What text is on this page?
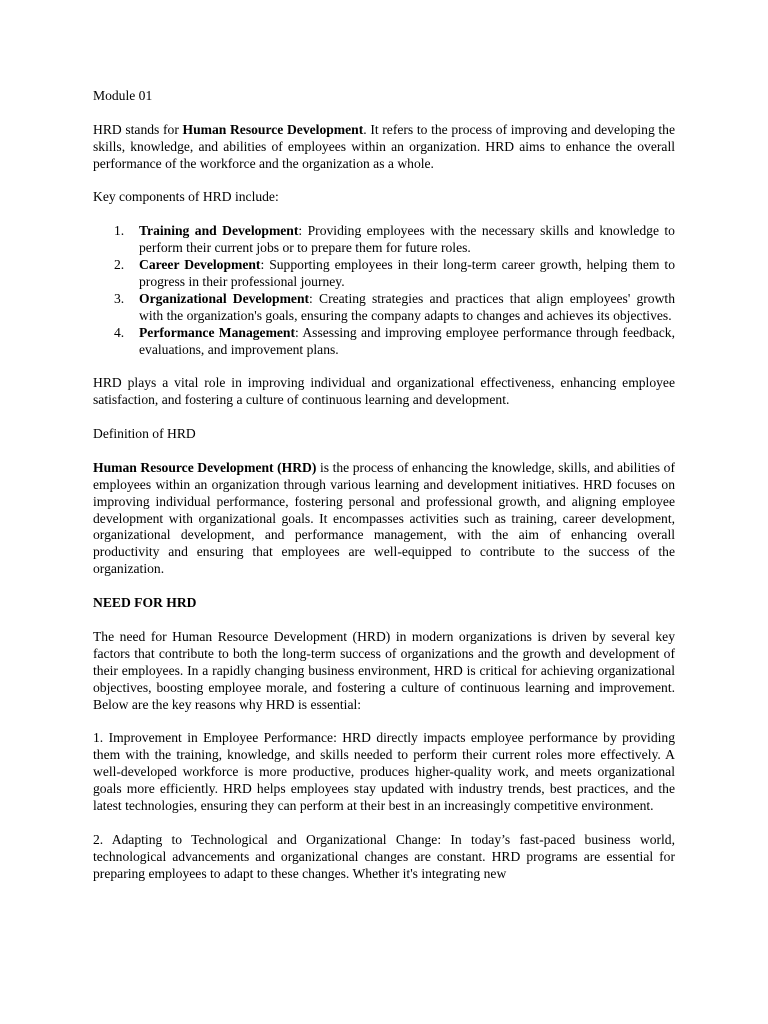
Module 01

HRD stands for Human Resource Development. It refers to the process of improving and developing the skills, knowledge, and abilities of employees within an organization. HRD aims to enhance the overall performance of the workforce and the organization as a whole.

Key components of HRD include:

1. Training and Development: Providing employees with the necessary skills and knowledge to perform their current jobs or to prepare them for future roles.
2. Career Development: Supporting employees in their long-term career growth, helping them to progress in their professional journey.
3. Organizational Development: Creating strategies and practices that align employees' growth with the organization's goals, ensuring the company adapts to changes and achieves its objectives.
4. Performance Management: Assessing and improving employee performance through feedback, evaluations, and improvement plans.

HRD plays a vital role in improving individual and organizational effectiveness, enhancing employee satisfaction, and fostering a culture of continuous learning and development.

Definition of HRD

Human Resource Development (HRD) is the process of enhancing the knowledge, skills, and abilities of employees within an organization through various learning and development initiatives. HRD focuses on improving individual performance, fostering personal and professional growth, and aligning employee development with organizational goals. It encompasses activities such as training, career development, organizational development, and performance management, with the aim of enhancing overall productivity and ensuring that employees are well-equipped to contribute to the success of the organization.

NEED FOR HRD

The need for Human Resource Development (HRD) in modern organizations is driven by several key factors that contribute to both the long-term success of organizations and the growth and development of their employees. In a rapidly changing business environment, HRD is critical for achieving organizational objectives, boosting employee morale, and fostering a culture of continuous learning and improvement. Below are the key reasons why HRD is essential:

1. Improvement in Employee Performance: HRD directly impacts employee performance by providing them with the training, knowledge, and skills needed to perform their current roles more effectively. A well-developed workforce is more productive, produces higher-quality work, and meets organizational goals more efficiently. HRD helps employees stay updated with industry trends, best practices, and the latest technologies, ensuring they can perform at their best in an increasingly competitive environment.

2. Adapting to Technological and Organizational Change: In today’s fast-paced business world, technological advancements and organizational changes are constant. HRD programs are essential for preparing employees to adapt to these changes. Whether it's integrating new
